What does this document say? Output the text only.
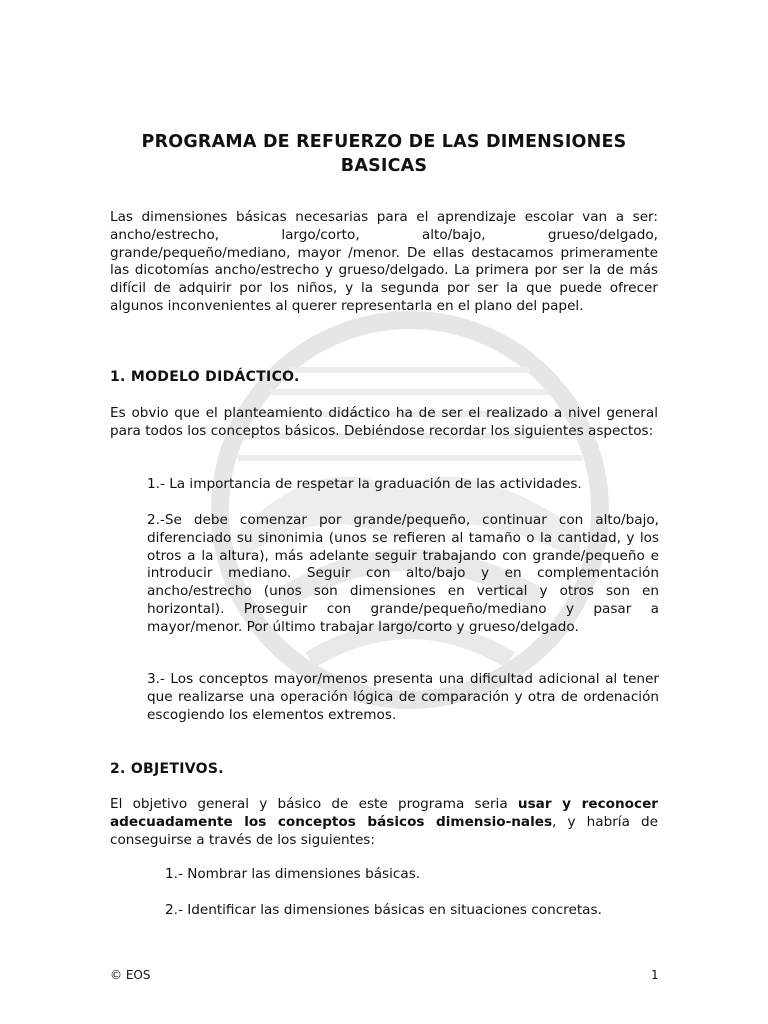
PROGRAMA DE REFUERZO DE LAS DIMENSIONES
BASICAS
Las dimensiones básicas necesarias para el aprendizaje escolar van a ser: ancho/estrecho, largo/corto, alto/bajo, grueso/delgado, grande/pequeño/mediano, mayor /menor. De ellas destacamos primeramente las dicotomías ancho/estrecho y grueso/delgado. La primera por ser la de más difícil de adquirir por los niños, y la segunda por ser la que puede ofrecer algunos inconvenientes al querer representarla en el plano del papel.
1. MODELO DIDÁCTICO.
Es obvio que el planteamiento didáctico ha de ser el realizado a nivel general para todos los conceptos básicos. Debiéndose recordar los siguientes aspectos:
1.- La importancia de respetar la graduación de las actividades.
2.-Se debe comenzar por grande/pequeño, continuar con alto/bajo, diferenciado su sinonimia (unos se refieren al tamaño o la cantidad, y los otros a la altura), más adelante seguir trabajando con grande/pequeño e introducir mediano. Seguir con alto/bajo y en complementación ancho/estrecho (unos son dimensiones en vertical y otros son en horizontal). Proseguir con grande/pequeño/mediano y pasar a mayor/menor. Por último trabajar largo/corto y grueso/delgado.
3.- Los conceptos mayor/menos presenta una dificultad adicional al tener que realizarse una operación lógica de comparación y otra de ordenación escogiendo los elementos extremos.
2. OBJETIVOS.
El objetivo general y básico de este programa seria usar y reconocer adecuadamente los conceptos básicos dimensio-nales, y habría de conseguirse a través de los siguientes:
1.- Nombrar las dimensiones básicas.
2.- Identificar las dimensiones básicas en situaciones concretas.
© EOS	1
